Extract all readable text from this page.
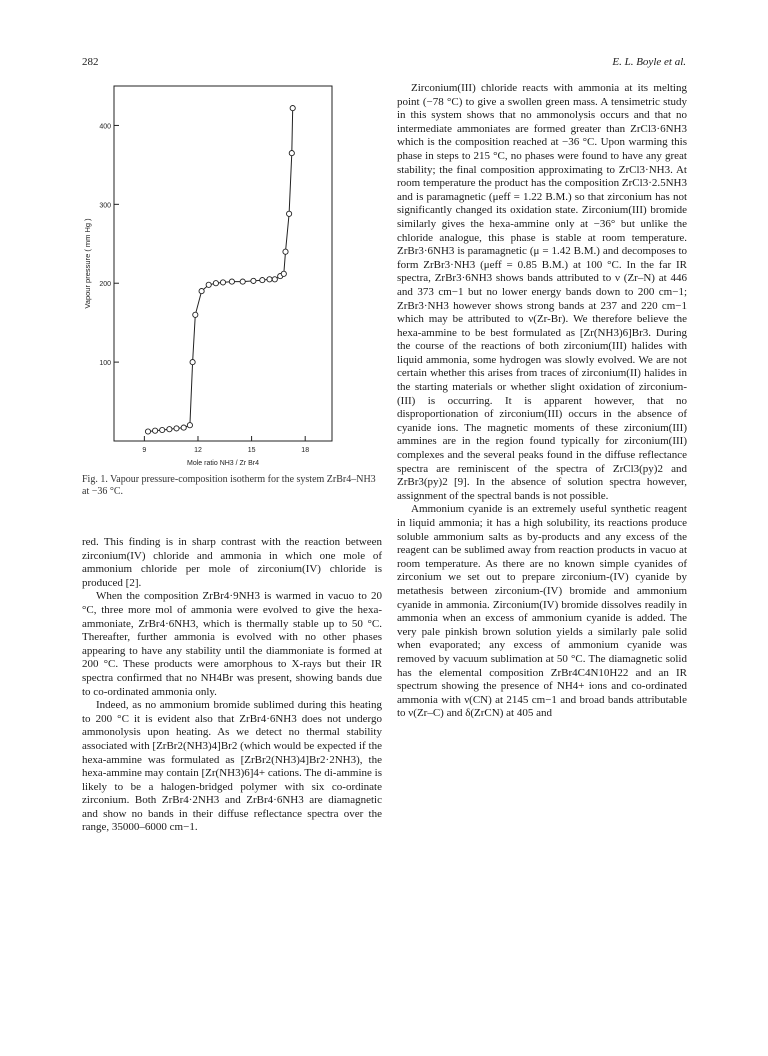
282	E. L. Boyle et al.
100
200
300
400
9	12	15	18
Mole ratio NH3 / Zr Br4
Vapour pressure ( mm Hg )
Fig. 1. Vapour pressure-composition isotherm for the system ZrBr4–NH3 at −36 °C.

red. This finding is in sharp contrast with the reaction between zirconium(IV) chloride and ammonia in which one mole of ammonium chloride per mole of zirconium(IV) chloride is produced [2].

When the composition ZrBr4·9NH3 is warmed in vacuo to 20 °C, three more mol of ammonia were evolved to give the hexa-ammoniate, ZrBr4·6NH3, which is thermally stable up to 50 °C. Thereafter, further ammonia is evolved with no other phases appearing to have any stability until the diammoniate is formed at 200 °C. These products were amorphous to X-rays but their IR spectra confirmed that no NH4Br was present, showing bands due to co-ordinated ammonia only.

Indeed, as no ammonium bromide sublimed during this heating to 200 °C it is evident also that ZrBr4·6NH3 does not undergo ammonolysis upon heating. As we detect no thermal stability associated with [ZrBr2(NH3)4]Br2 (which would be expected if the hexa-ammine was formulated as [ZrBr2(NH3)4]Br2·2NH3), the hexa-ammine may contain [Zr(NH3)6]4+ cations. The di-ammine is likely to be a halogen-bridged polymer with six co-ordinate zirconium. Both ZrBr4·2NH3 and ZrBr4·6NH3 are diamagnetic and show no bands in their diffuse reflectance spectra over the range, 35000–6000 cm−1.

Zirconium(III) chloride reacts with ammonia at its melting point (−78 °C) to give a swollen green mass. A tensimetric study in this system shows that no ammonolysis occurs and that no intermediate ammoniates are formed greater than ZrCl3·6NH3 which is the composition reached at −36 °C. Upon warming this phase in steps to 215 °C, no phases were found to have any great stability; the final composition approximating to ZrCl3·NH3. At room temperature the product has the composition ZrCl3·2.5NH3 and is paramagnetic (μeff = 1.22 B.M.) so that zirconium has not significantly changed its oxidation state. Zirconium(III) bromide similarly gives the hexa-ammine only at −36° but unlike the chloride analogue, this phase is stable at room temperature. ZrBr3·6NH3 is paramagnetic (μ = 1.42 B.M.) and decomposes to form ZrBr3·NH3 (μeff = 0.85 B.M.) at 100 °C. In the far IR spectra, ZrBr3·6NH3 shows bands attributed to ν (Zr–N) at 446 and 373 cm−1 but no lower energy bands down to 200 cm−1; ZrBr3·NH3 however shows strong bands at 237 and 220 cm−1 which may be attributed to ν(Zr-Br). We therefore believe the hexa-ammine to be best formulated as [Zr(NH3)6]Br3. During the course of the reactions of both zirconium(III) halides with liquid ammonia, some hydrogen was slowly evolved. We are not certain whether this arises from traces of zirconium(II) halides in the starting materials or whether slight oxidation of zirconium-(III) is occurring. It is apparent however, that no disproportionation of zirconium(III) occurs in the absence of cyanide ions. The magnetic moments of these zirconium(III) ammines are in the region found typically for zirconium(III) complexes and the several peaks found in the diffuse reflectance spectra are reminiscent of the spectra of ZrCl3(py)2 and ZrBr3(py)2 [9]. In the absence of solution spectra however, assignment of the spectral bands is not possible.

Ammonium cyanide is an extremely useful synthetic reagent in liquid ammonia; it has a high solubility, its reactions produce soluble ammonium salts as by-products and any excess of the reagent can be sublimed away from reaction products in vacuo at room temperature. As there are no known simple cyanides of zirconium we set out to prepare zirconium-(IV) cyanide by metathesis between zirconium-(IV) bromide and ammonium cyanide in ammonia. Zirconium(IV) bromide dissolves readily in ammonia when an excess of ammonium cyanide is added. The very pale pinkish brown solution yields a similarly pale solid when evaporated; any excess of ammonium cyanide was removed by vacuum sublimation at 50 °C. The diamagnetic solid has the elemental composition ZrBr4C4N10H22 and an IR spectrum showing the presence of NH4+ ions and co-ordinated ammonia with ν(CN) at 2145 cm−1 and broad bands attributable to ν(Zr–C) and δ(ZrCN) at 405 and
